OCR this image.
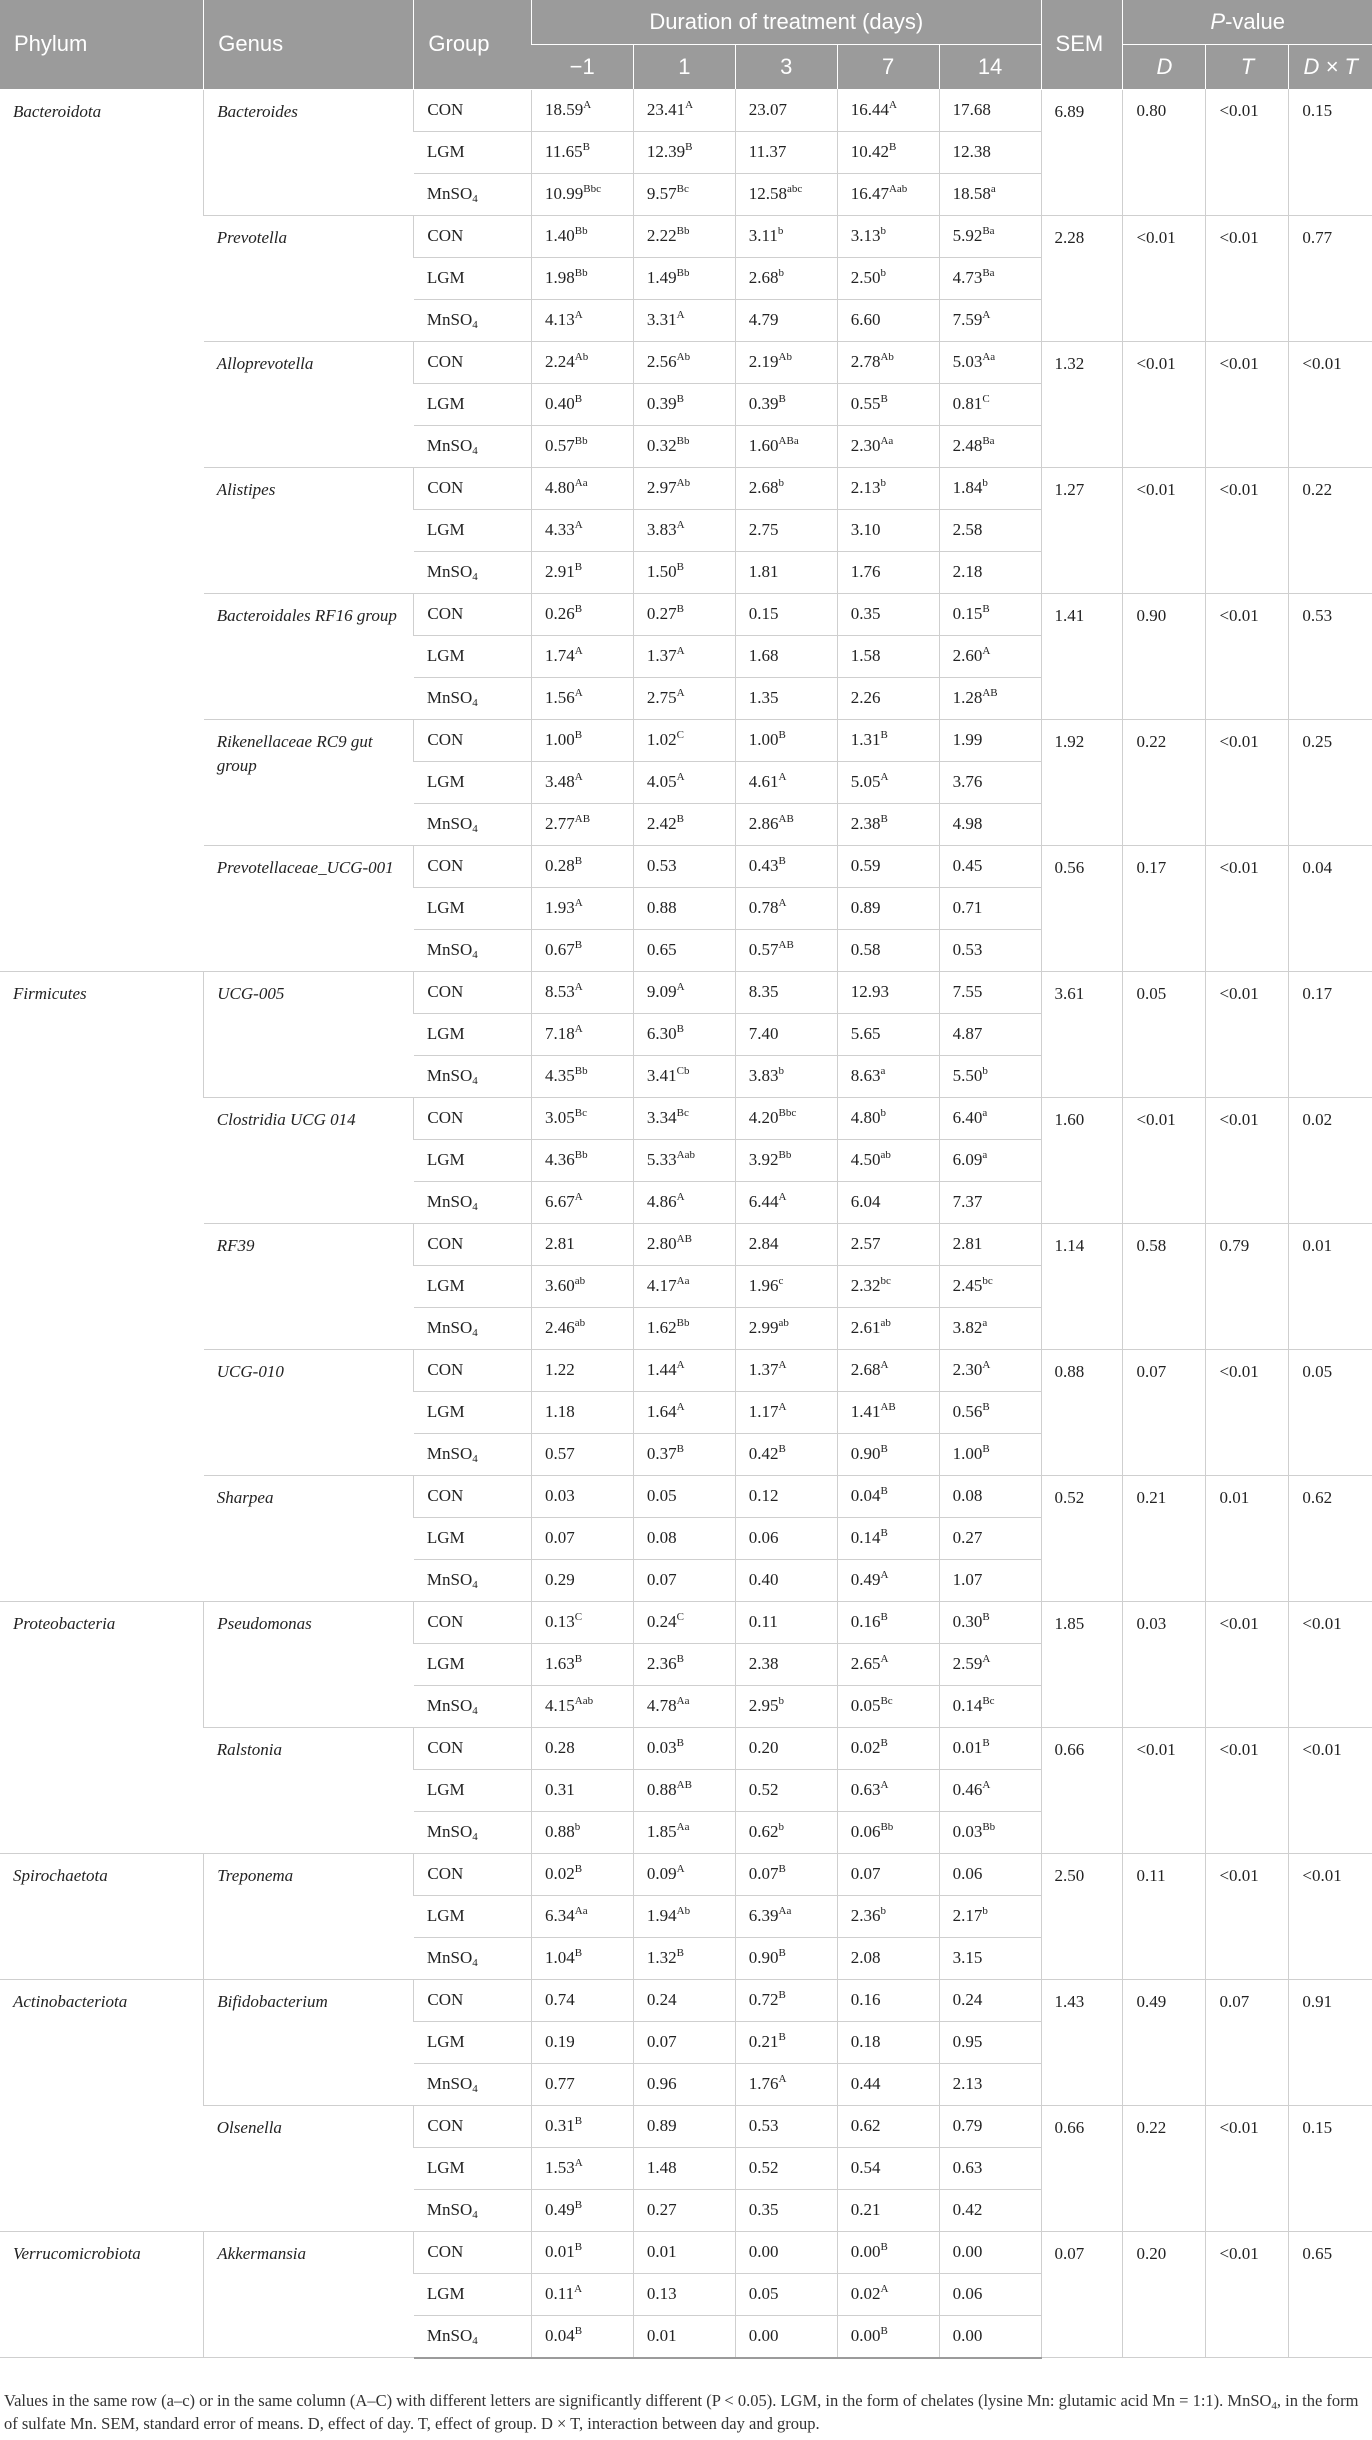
Phylum	Genus	Group	Duration of treatment (days)					SEM	P-value		
			−1	1	3	7	14		D	T	D × T
Bacteroidota	Bacteroides	CON	$18.59^A$	$23.41^A$	23.07	$16.44^A$	17.68	6.89	0.80	<0.01	0.15
		LGM	$11.65^B$	$12.39^B$	11.37	$10.42^B$	12.38				
		MnSO$_4$	$10.99^{Bbc}$	$9.57^{Bc}$	12.58$^{abc}$	$16.47^{Aab}$	18.58$^a$
	Prevotella	CON	$1.40^{Bb}$	$2.22^{Bb}$	3.11$^b$	3.13$^b$	$5.92^{Ba}$	2.28	<0.01	<0.01	0.77
		LGM	$1.98^{Bb}$	$1.49^{Bb}$	2.68$^b$	2.50$^b$	$4.73^{Ba}$
		MnSO$_4$	$4.13^A$	$3.31^A$	4.79	6.60	$7.59^A$
	Alloprevotella	CON	$2.24^{Ab}$	$2.56^{Ab}$	$2.19^{Ab}$	$2.78^{Ab}$	$5.03^{Aa}$	1.32	<0.01	<0.01	<0.01
		LGM	$0.40^B$	$0.39^B$	$0.39^B$	$0.55^B$	$0.81^C$
		MnSO$_4$	$0.57^{Bb}$	$0.32^{Bb}$	$1.60^{ABa}$	$2.30^{Aa}$	$2.48^{Ba}$
	Alistipes	CON	$4.80^{Aa}$	$2.97^{Ab}$	2.68$^b$	2.13$^b$	1.84$^b$	1.27	<0.01	<0.01	0.22
		LGM	$4.33^A$	$3.83^A$	2.75	3.10	2.58				
		MnSO$_4$	$2.91^B$	$1.50^B$	1.81	1.76	2.18				
	Bacteroidales RF16 group	CON	$0.26^B$	$0.27^B$	0.15	0.35	$0.15^B$	1.41	0.90	<0.01	0.53
		LGM	$1.74^A$	$1.37^A$	1.68	1.58	$2.60^A$
		MnSO$_4$	$1.56^A$	$2.75^A$	1.35	2.26	$1.28^{AB}$
	Rikenellaceae RC9 gut group	CON	$1.00^B$	$1.02^C$	$1.00^B$	$1.31^B$	1.99	1.92	0.22	<0.01	0.25
		LGM	$3.48^A$	$4.05^A$	$4.61^A$	$5.05^A$	3.76				
		MnSO$_4$	$2.77^{AB}$	$2.42^B$	$2.86^{AB}$	$2.38^B$	4.98				
	Prevotellaceae_UCG-001	CON	$0.28^B$	0.53	$0.43^B$	0.59	0.45	0.56	0.17	<0.01	0.04
		LGM	$1.93^A$	0.88	$0.78^A$	0.89	0.71				
		MnSO$_4$	$0.67^B$	0.65	$0.57^{AB}$	0.58	0.53				
Firmicutes	UCG-005	CON	$8.53^A$	$9.09^A$	8.35	12.93	7.55	3.61	0.05	<0.01	0.17
		LGM	$7.18^A$	$6.30^B$	7.40	5.65	4.87				
		MnSO$_4$	$4.35^{Bb}$	$3.41^{Cb}$	3.83$^b$	8.63$^a$	5.50$^b$
	Clostridia UCG 014	CON	$3.05^{Bc}$	$3.34^{Bc}$	$4.20^{Bbc}$	4.80$^b$	6.40$^a$	1.60	<0.01	<0.01	0.02
		LGM	$4.36^{Bb}$	$5.33^{Aab}$	$3.92^{Bb}$	4.50$^{ab}$	6.09$^a$
		MnSO$_4$	$6.67^A$	$4.86^A$	$6.44^A$	6.04	7.37				
	RF39	CON	2.81	$2.80^{AB}$	2.84	2.57	2.81	1.14	0.58	0.79	0.01
		LGM	3.60$^{ab}$	$4.17^{Aa}$	1.96$^c$	2.32$^{bc}$	2.45$^{bc}$
		MnSO$_4$	2.46$^{ab}$	$1.62^{Bb}$	2.99$^{ab}$	2.61$^{ab}$	3.82$^a$
	UCG-010	CON	1.22	$1.44^A$	$1.37^A$	$2.68^A$	$2.30^A$	0.88	0.07	<0.01	0.05
		LGM	1.18	$1.64^A$	$1.17^A$	$1.41^{AB}$	$0.56^B$
		MnSO$_4$	0.57	$0.37^B$	$0.42^B$	$0.90^B$	$1.00^B$
	Sharpea	CON	0.03	0.05	0.12	$0.04^B$	0.08	0.52	0.21	0.01	0.62
		LGM	0.07	0.08	0.06	$0.14^B$	0.27				
		MnSO$_4$	0.29	0.07	0.40	$0.49^A$	1.07				
Proteobacteria	Pseudomonas	CON	$0.13^C$	$0.24^C$	0.11	$0.16^B$	$0.30^B$	1.85	0.03	<0.01	<0.01
		LGM	$1.63^B$	$2.36^B$	2.38	$2.65^A$	$2.59^A$
		MnSO$_4$	$4.15^{Aab}$	$4.78^{Aa}$	2.95$^b$	$0.05^{Bc}$	$0.14^{Bc}$
	Ralstonia	CON	0.28	$0.03^B$	0.20	$0.02^B$	$0.01^B$	0.66	<0.01	<0.01	<0.01
		LGM	0.31	$0.88^{AB}$	0.52	$0.63^A$	$0.46^A$
		MnSO$_4$	0.88$^b$	$1.85^{Aa}$	0.62$^b$	$0.06^{Bb}$	$0.03^{Bb}$
Spirochaetota	Treponema	CON	$0.02^B$	$0.09^A$	$0.07^B$	0.07	0.06	2.50	0.11	<0.01	<0.01
		LGM	$6.34^{Aa}$	$1.94^{Ab}$	$6.39^{Aa}$	2.36$^b$	2.17$^b$
		MnSO$_4$	$1.04^B$	$1.32^B$	$0.90^B$	2.08	3.15				
Actinobacteriota	Bifidobacterium	CON	0.74	0.24	$0.72^B$	0.16	0.24	1.43	0.49	0.07	0.91
		LGM	0.19	0.07	$0.21^B$	0.18	0.95				
		MnSO$_4$	0.77	0.96	$1.76^A$	0.44	2.13				
	Olsenella	CON	$0.31^B$	0.89	0.53	0.62	0.79	0.66	0.22	<0.01	0.15
		LGM	$1.53^A$	1.48	0.52	0.54	0.63				
		MnSO$_4$	$0.49^B$	0.27	0.35	0.21	0.42				
Verrucomicrobiota	Akkermansia	CON	$0.01^B$	0.01	0.00	$0.00^B$	0.00	0.07	0.20	<0.01	0.65
		LGM	$0.11^A$	0.13	0.05	$0.02^A$	0.06				
		MnSO$_4$	$0.04^B$	0.01	0.00	$0.00^B$	0.00				
Values in the same row (a–c) or in the same column (A–C) with different letters are significantly different (P < 0.05). LGM, in the form of chelates (lysine Mn: glutamic acid Mn = 1:1). MnSO$_4$, in the form of sulfate Mn. SEM, standard error of means. D, effect of day. T, effect of group. D × T, interaction between day and group.
